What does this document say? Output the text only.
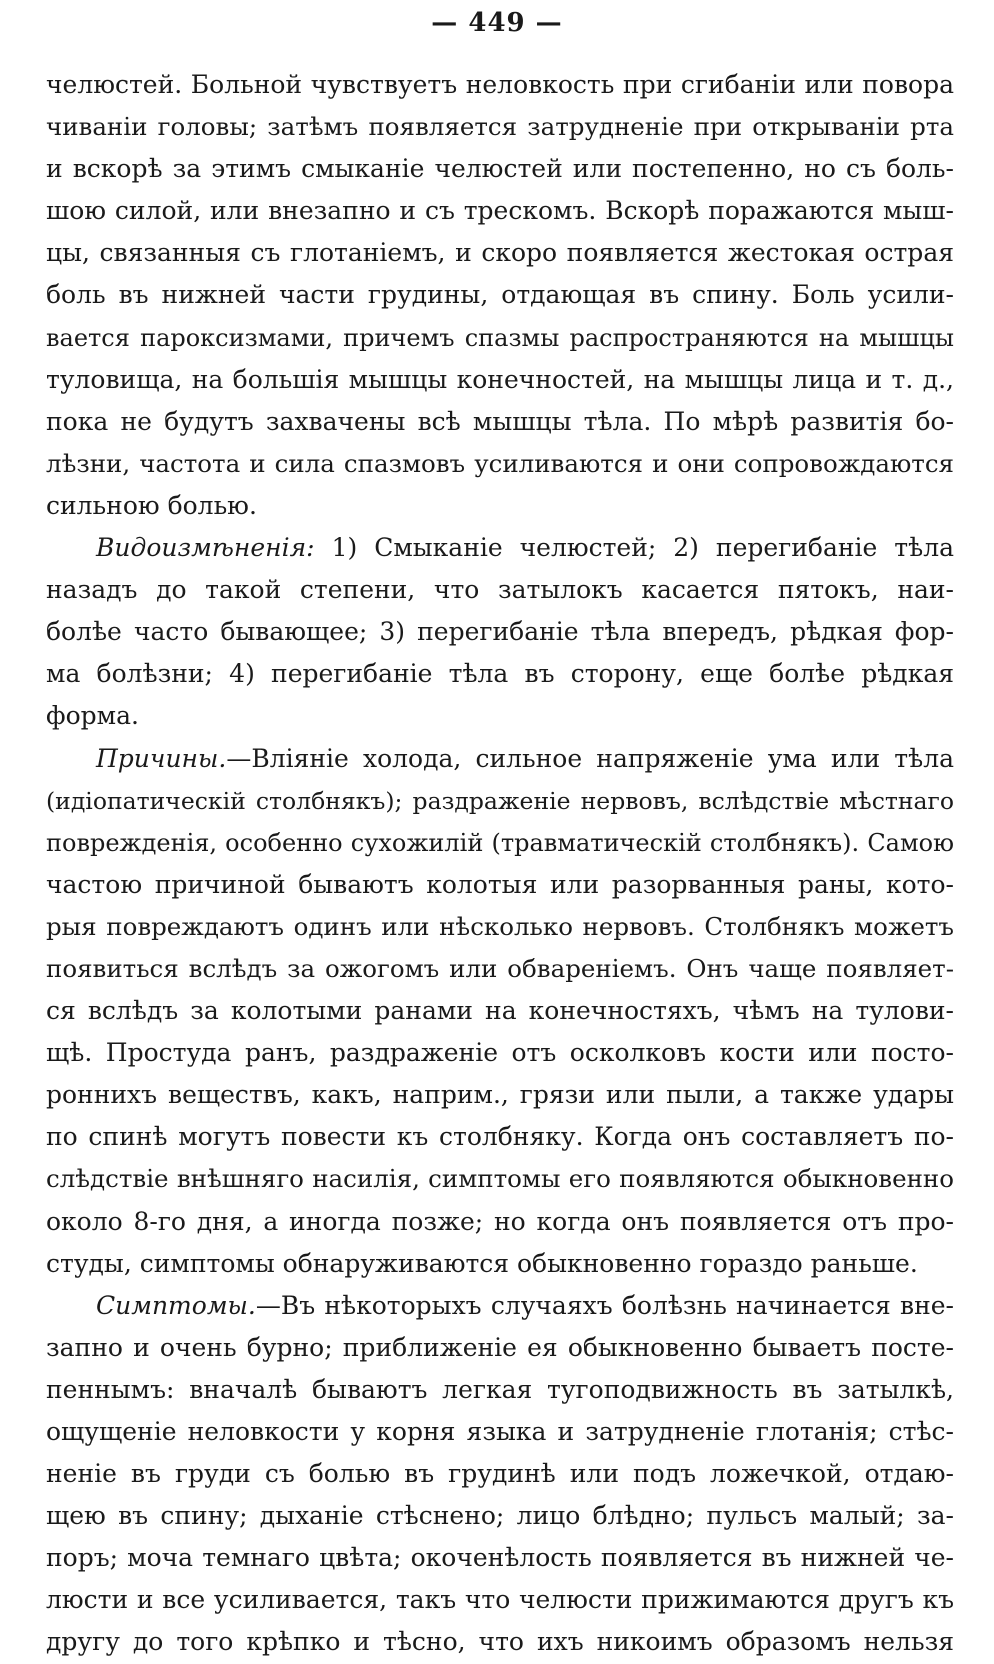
— 449 —
челюстей. Больной чувствуетъ неловкость при сгибаніи или повора
чиваніи головы; затѣмъ появляется затрудненіе при открываніи рта
и вскорѣ за этимъ смыканіе челюстей или постепенно, но съ боль-
шою силой, или внезапно и съ трескомъ. Вскорѣ поражаются мыш-
цы, связанныя съ глотаніемъ, и скоро появляется жестокая острая
боль въ нижней части грудины, отдающая въ спину. Боль усили-
вается пароксизмами, причемъ спазмы распространяются на мышцы
туловища, на большія мышцы конечностей, на мышцы лица и т. д.,
пока не будутъ захвачены всѣ мышцы тѣла. По мѣрѣ развитія бо-
лѣзни, частота и сила спазмовъ усиливаются и они сопровождаются
сильною болью.
Видоизмѣненія: 1) Смыканіе челюстей; 2) перегибаніе тѣла
назадъ до такой степени, что затылокъ касается пятокъ, наи-
болѣе часто бывающее; 3) перегибаніе тѣла впередъ, рѣдкая фор-
ма болѣзни; 4) перегибаніе тѣла въ сторону, еще болѣе рѣдкая
форма.
Причины.—Вліяніе холода, сильное напряженіе ума или тѣла
(идіопатическій столбнякъ); раздраженіе нервовъ, вслѣдствіе мѣстнаго
поврежденія, особенно сухожилій (травматическій столбнякъ). Самою
частою причиной бываютъ колотыя или разорванныя раны, кото-
рыя повреждаютъ одинъ или нѣсколько нервовъ. Столбнякъ можетъ
появиться вслѣдъ за ожогомъ или обвареніемъ. Онъ чаще появляет-
ся вслѣдъ за колотыми ранами на конечностяхъ, чѣмъ на тулови-
щѣ. Простуда ранъ, раздраженіе отъ осколковъ кости или посто-
роннихъ веществъ, какъ, наприм., грязи или пыли, а также удары
по спинѣ могутъ повести къ столбняку. Когда онъ составляетъ по-
слѣдствіе внѣшняго насилія, симптомы его появляются обыкновенно
около 8-го дня, а иногда позже; но когда онъ появляется отъ про-
студы, симптомы обнаруживаются обыкновенно гораздо раньше.
Симптомы.—Въ нѣкоторыхъ случаяхъ болѣзнь начинается вне-
запно и очень бурно; приближеніе ея обыкновенно бываетъ посте-
пеннымъ: вначалѣ бываютъ легкая тугоподвижность въ затылкѣ,
ощущеніе неловкости у корня языка и затрудненіе глотанія; стѣс-
неніе въ груди съ болью въ грудинѣ или подъ ложечкой, отдаю-
щею въ спину; дыханіе стѣснено; лицо блѣдно; пульсъ малый; за-
поръ; моча темнаго цвѣта; окоченѣлость появляется въ нижней че-
люсти и все усиливается, такъ что челюсти прижимаются другъ къ
другу до того крѣпко и тѣсно, что ихъ никоимъ образомъ нельзя
